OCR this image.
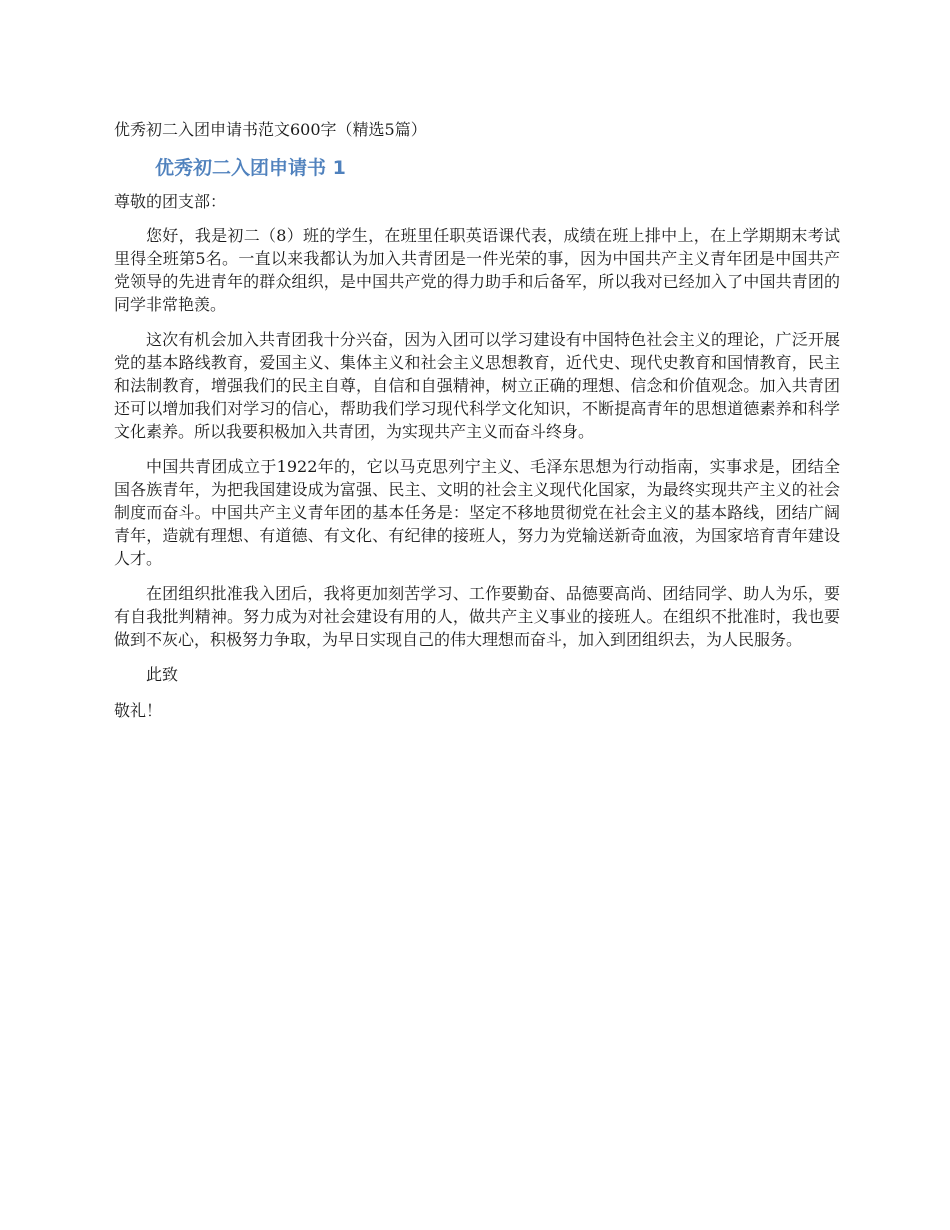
优秀初二入团申请书范文600字（精选5篇）
优秀初二入团申请书 1
尊敬的团支部：

您好，我是初二（8）班的学生，在班里任职英语课代表，成绩在班上排中上，在上学期期末考试里得全班第5名。一直以来我都认为加入共青团是一件光荣的事，因为中国共产主义青年团是中国共产党领导的先进青年的群众组织，是中国共产党的得力助手和后备军，所以我对已经加入了中国共青团的同学非常艳羡。

这次有机会加入共青团我十分兴奋，因为入团可以学习建设有中国特色社会主义的理论，广泛开展党的基本路线教育，爱国主义、集体主义和社会主义思想教育，近代史、现代史教育和国情教育，民主和法制教育，增强我们的民主自尊，自信和自强精神，树立正确的理想、信念和价值观念。加入共青团还可以增加我们对学习的信心，帮助我们学习现代科学文化知识，不断提高青年的思想道德素养和科学文化素养。所以我要积极加入共青团，为实现共产主义而奋斗终身。

中国共青团成立于1922年的，它以马克思列宁主义、毛泽东思想为行动指南，实事求是，团结全国各族青年，为把我国建设成为富强、民主、文明的社会主义现代化国家，为最终实现共产主义的社会制度而奋斗。中国共产主义青年团的基本任务是：坚定不移地贯彻党在社会主义的基本路线，团结广阔青年，造就有理想、有道德、有文化、有纪律的接班人，努力为党输送新奇血液，为国家培育青年建设人才。

在团组织批准我入团后，我将更加刻苦学习、工作要勤奋、品德要高尚、团结同学、助人为乐，要有自我批判精神。努力成为对社会建设有用的人，做共产主义事业的接班人。在组织不批准时，我也要做到不灰心，积极努力争取，为早日实现自己的伟大理想而奋斗，加入到团组织去，为人民服务。

此致
敬礼！
